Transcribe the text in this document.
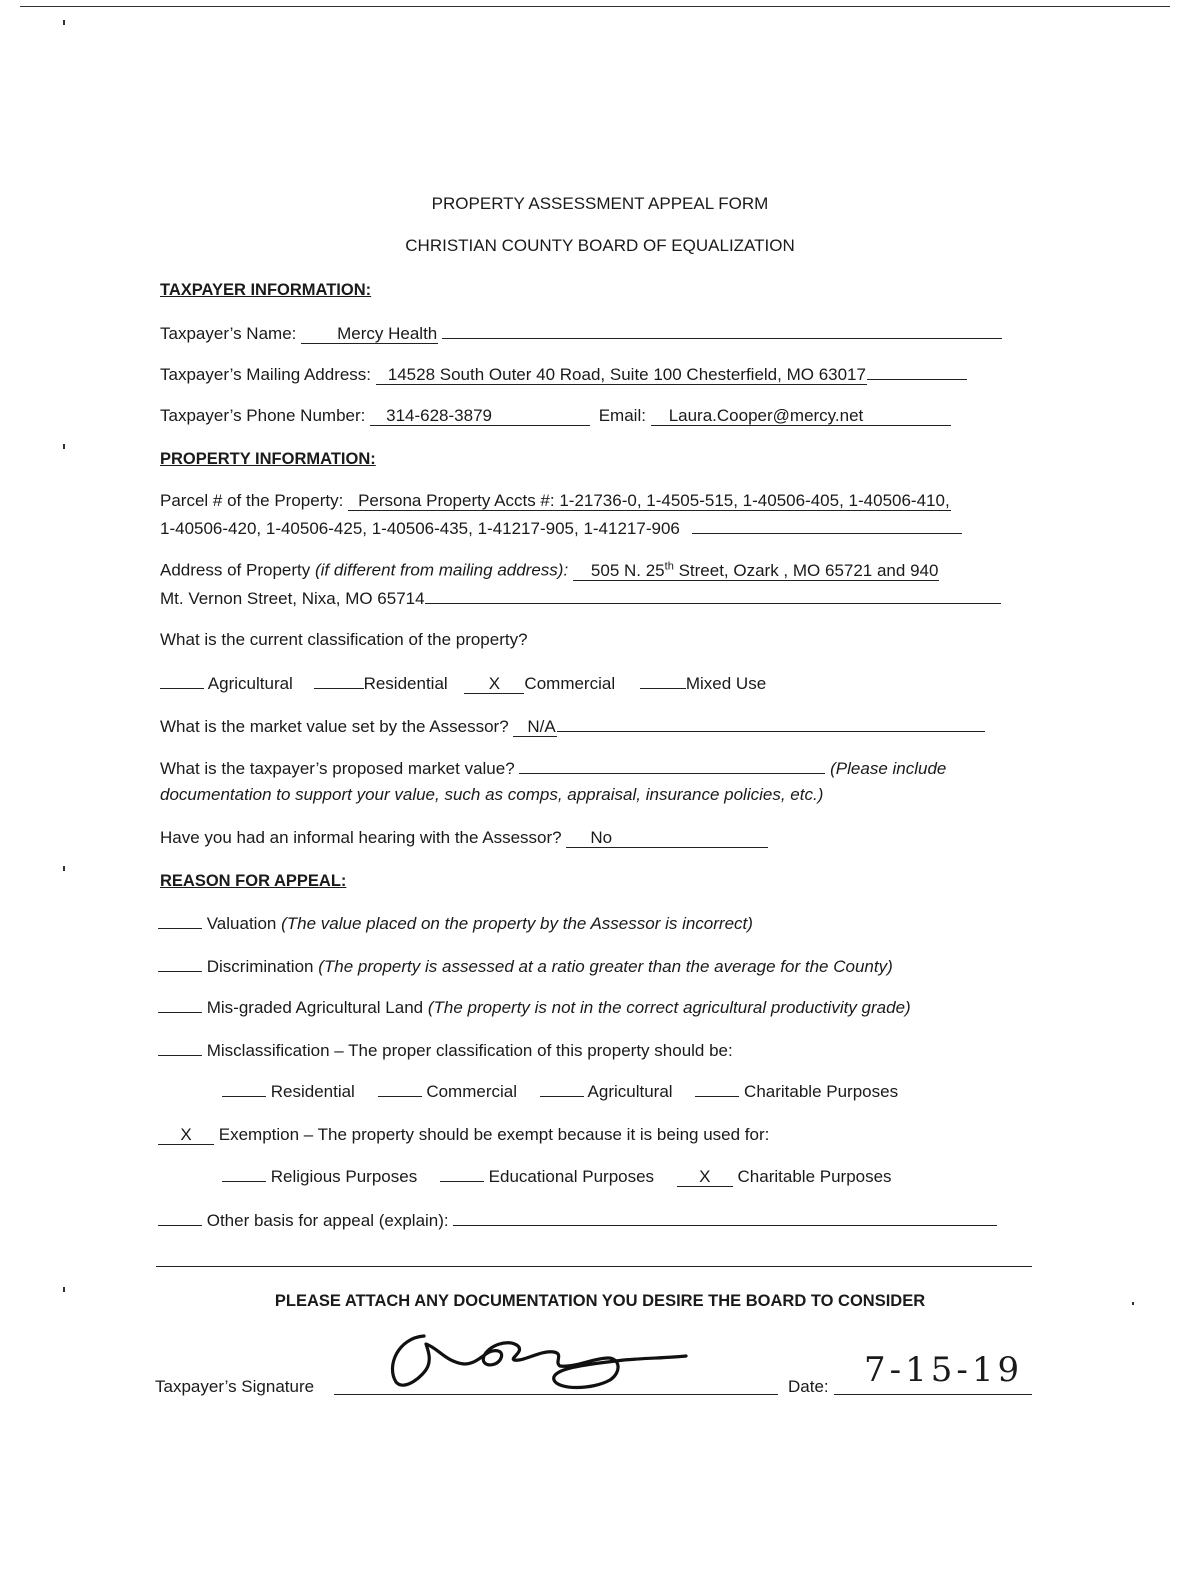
PROPERTY ASSESSMENT APPEAL FORM
CHRISTIAN COUNTY BOARD OF EQUALIZATION
TAXPAYER INFORMATION:
Taxpayer’s Name: Mercy Health
Taxpayer’s Mailing Address: 14528 South Outer 40 Road, Suite 100 Chesterfield, MO 63017
Taxpayer’s Phone Number: 314-628-3879	Email: Laura.Cooper@mercy.net
PROPERTY INFORMATION:
Parcel # of the Property: Persona Property Accts #: 1-21736-0, 1-4505-515, 1-40506-405, 1-40506-410,
1-40506-420, 1-40506-425, 1-40506-435, 1-41217-905, 1-41217-906
Address of Property (if different from mailing address): 505 N. 25th Street, Ozark , MO 65721 and 940
Mt. Vernon Street, Nixa, MO 65714
What is the current classification of the property?
Agricultural	Residential X Commercial	Mixed Use
What is the market value set by the Assessor? N/A
What is the taxpayer’s proposed market value?	(Please include
documentation to support your value, such as comps, appraisal, insurance policies, etc.)
Have you had an informal hearing with the Assessor? No
REASON FOR APPEAL:
Valuation (The value placed on the property by the Assessor is incorrect)
Discrimination (The property is assessed at a ratio greater than the average for the County)
Mis-graded Agricultural Land (The property is not in the correct agricultural productivity grade)
Misclassification – The proper classification of this property should be:
Residential	Commercial	Agricultural	Charitable Purposes
X Exemption – The property should be exempt because it is being used for:
Religious Purposes	Educational Purposes	X Charitable Purposes
Other basis for appeal (explain):
PLEASE ATTACH ANY DOCUMENTATION YOU DESIRE THE BOARD TO CONSIDER
Taxpayer’s Signature	Date: 7-15-19
